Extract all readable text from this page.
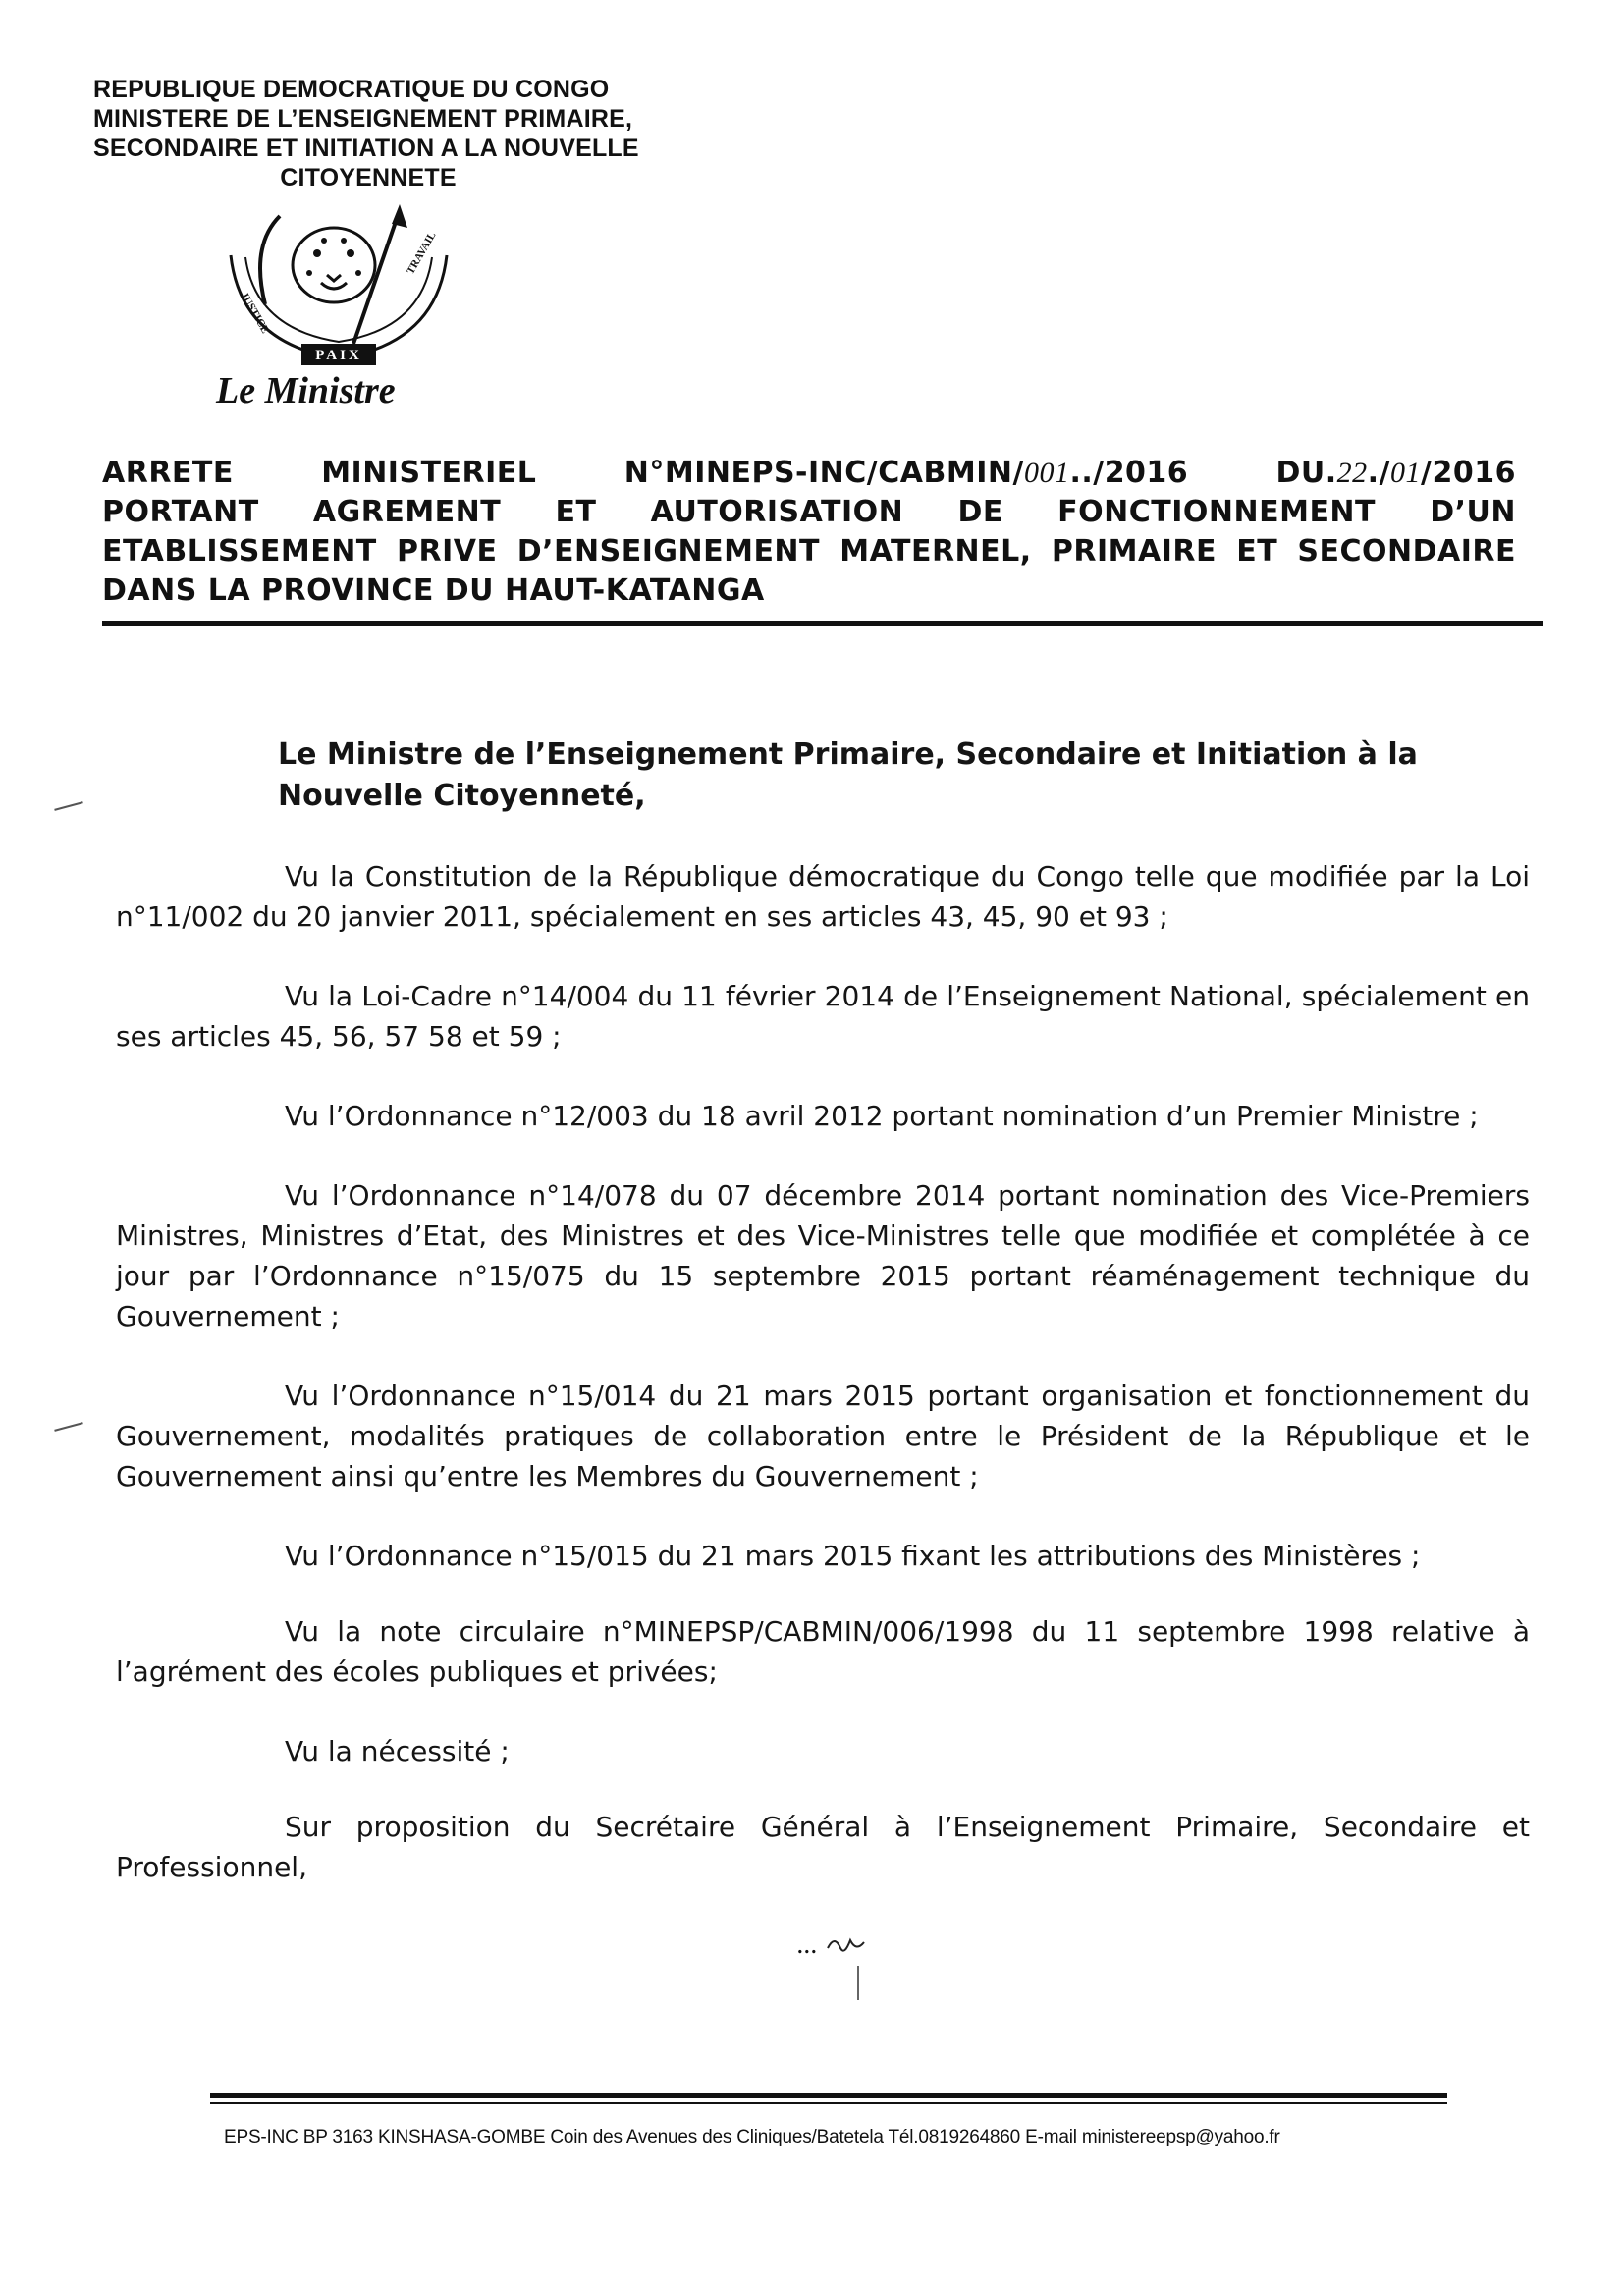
REPUBLIQUE DEMOCRATIQUE DU CONGO
MINISTERE DE L’ENSEIGNEMENT PRIMAIRE,
SECONDAIRE ET INITIATION A LA NOUVELLE
CITOYENNETE
PAIX
JUSTICE
TRAVAIL
Le Ministre
ARRETE	MINISTERIEL	N°MINEPS-INC/CABMIN/001../2016	DU.22./01/2016
PORTANT AGREMENT ET AUTORISATION DE FONCTIONNEMENT D’UN
ETABLISSEMENT PRIVE D’ENSEIGNEMENT MATERNEL, PRIMAIRE ET SECONDAIRE
DANS LA PROVINCE DU HAUT-KATANGA
Le Ministre de l’Enseignement Primaire, Secondaire et Initiation à la Nouvelle Citoyenneté,

Vu la Constitution de la République démocratique du Congo telle que modifiée par la Loi n°11/002 du 20 janvier 2011, spécialement en ses articles 43, 45, 90 et 93 ;

Vu la Loi-Cadre n°14/004 du 11 février 2014 de l’Enseignement National, spécialement en ses articles 45, 56, 57 58 et 59 ;

Vu l’Ordonnance n°12/003 du 18 avril 2012 portant nomination d’un Premier Ministre ;

Vu l’Ordonnance n°14/078 du 07 décembre 2014 portant nomination des Vice-Premiers Ministres, Ministres d’Etat, des Ministres et des Vice-Ministres telle que modifiée et complétée à ce jour par l’Ordonnance n°15/075 du 15 septembre 2015 portant réaménagement technique du Gouvernement ;

Vu l’Ordonnance n°15/014 du 21 mars 2015 portant organisation et fonctionnement du Gouvernement, modalités pratiques de collaboration entre le Président de la République et le Gouvernement ainsi qu’entre les Membres du Gouvernement ;

Vu l’Ordonnance n°15/015 du 21 mars 2015 fixant les attributions des Ministères ;

Vu la note circulaire n°MINEPSP/CABMIN/006/1998 du 11 septembre 1998 relative à l’agrément des écoles publiques et privées;

Vu la nécessité ;

Sur proposition du Secrétaire Général à l’Enseignement Primaire, Secondaire et Professionnel,

...
EPS-INC BP 3163 KINSHASA-GOMBE Coin des Avenues des Cliniques/Batetela Tél.0819264860 E-mail ministereepsp@yahoo.fr
